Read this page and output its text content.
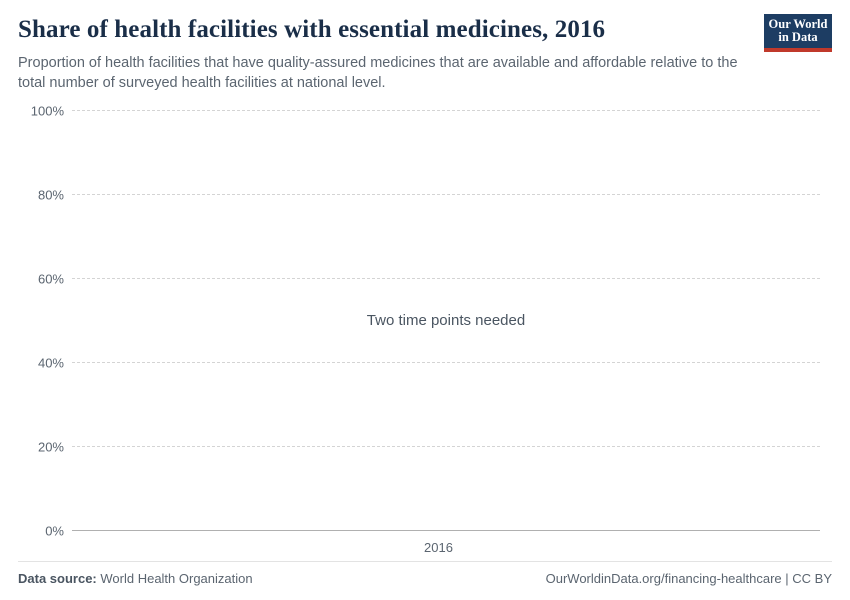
Share of health facilities with essential medicines, 2016

Proportion of health facilities that have quality-assured medicines that are available and affordable relative to the total number of surveyed health facilities at national level.

Our World
in Data
100%
80%
60%
40%
20%
0%
2016
Two time points needed
Data source: World Health Organization	OurWorldinData.org/financing-healthcare | CC BY
